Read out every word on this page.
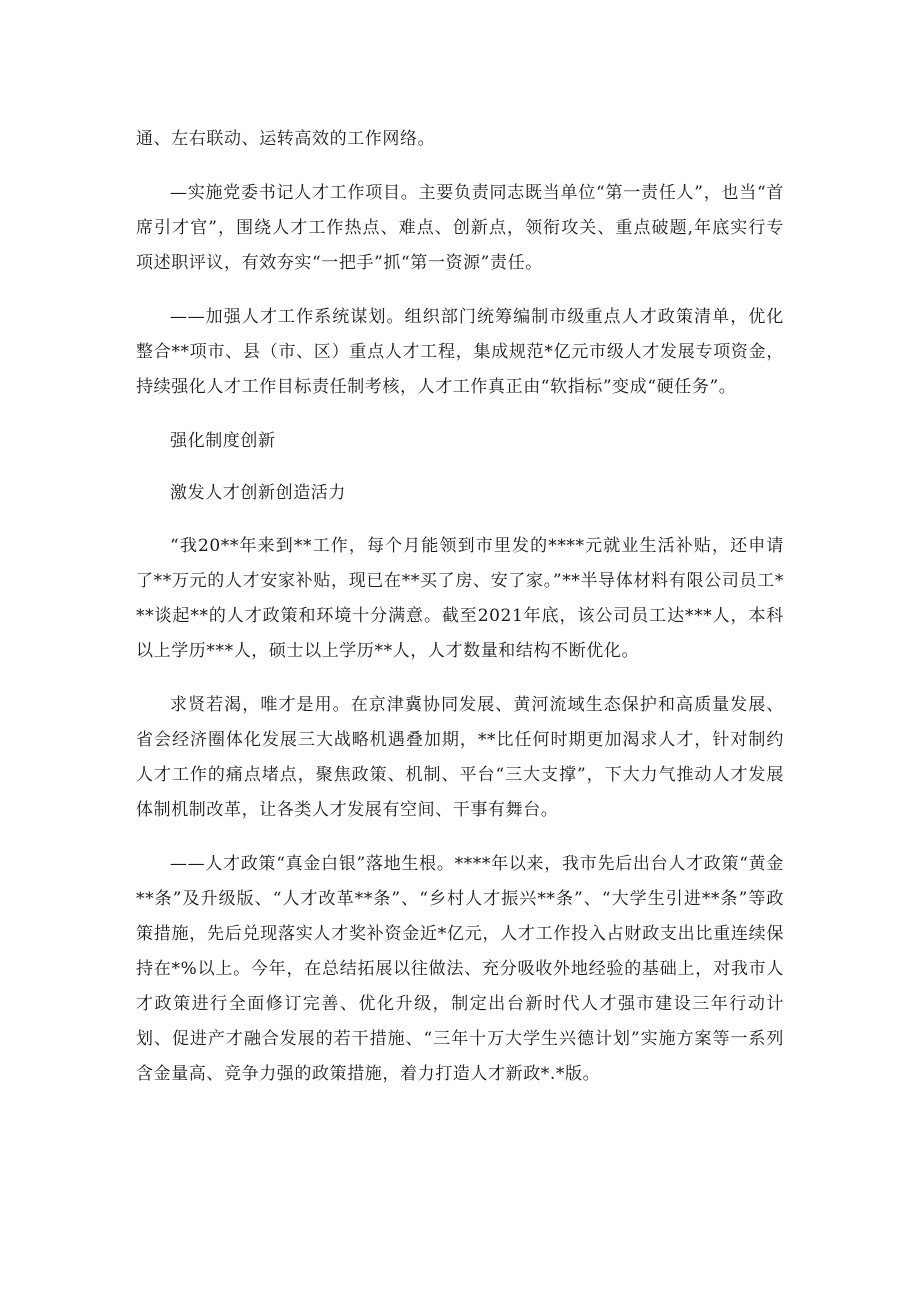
通、左右联动、运转高效的工作网络。

—实施党委书记人才工作项目。主要负责同志既当单位“第一责任人”，也当“首席引才官”，围绕人才工作热点、难点、创新点，领衔攻关、重点破题,年底实行专项述职评议，有效夯实“一把手”抓“第一资源”责任。

——加强人才工作系统谋划。组织部门统筹编制市级重点人才政策清单，优化整合**项市、县（市、区）重点人才工程，集成规范*亿元市级人才发展专项资金，持续强化人才工作目标责任制考核，人才工作真正由“软指标”变成“硬任务”。

强化制度创新

激发人才创新创造活力

“我20**年来到**工作，每个月能领到市里发的****元就业生活补贴，还申请了**万元的人才安家补贴，现已在**买了房、安了家。”**半导体材料有限公司员工***谈起**的人才政策和环境十分满意。截至2021年底，该公司员工达***人，本科以上学历***人，硕士以上学历**人，人才数量和结构不断优化。

求贤若渴，唯才是用。在京津冀协同发展、黄河流域生态保护和高质量发展、省会经济圈体化发展三大战略机遇叠加期，**比任何时期更加渴求人才，针对制约人才工作的痛点堵点，聚焦政策、机制、平台“三大支撑”，下大力气推动人才发展体制机制改革，让各类人才发展有空间、干事有舞台。

——人才政策“真金白银”落地生根。****年以来，我市先后出台人才政策“黄金**条”及升级版、“人才改革**条”、“乡村人才振兴**条”、“大学生引进**条”等政策措施，先后兑现落实人才奖补资金近*亿元，人才工作投入占财政支出比重连续保持在*%以上。今年，在总结拓展以往做法、充分吸收外地经验的基础上，对我市人才政策进行全面修订完善、优化升级，制定出台新时代人才强市建设三年行动计划、促进产才融合发展的若干措施、“三年十万大学生兴德计划”实施方案等一系列含金量高、竞争力强的政策措施，着力打造人才新政*.*版。
